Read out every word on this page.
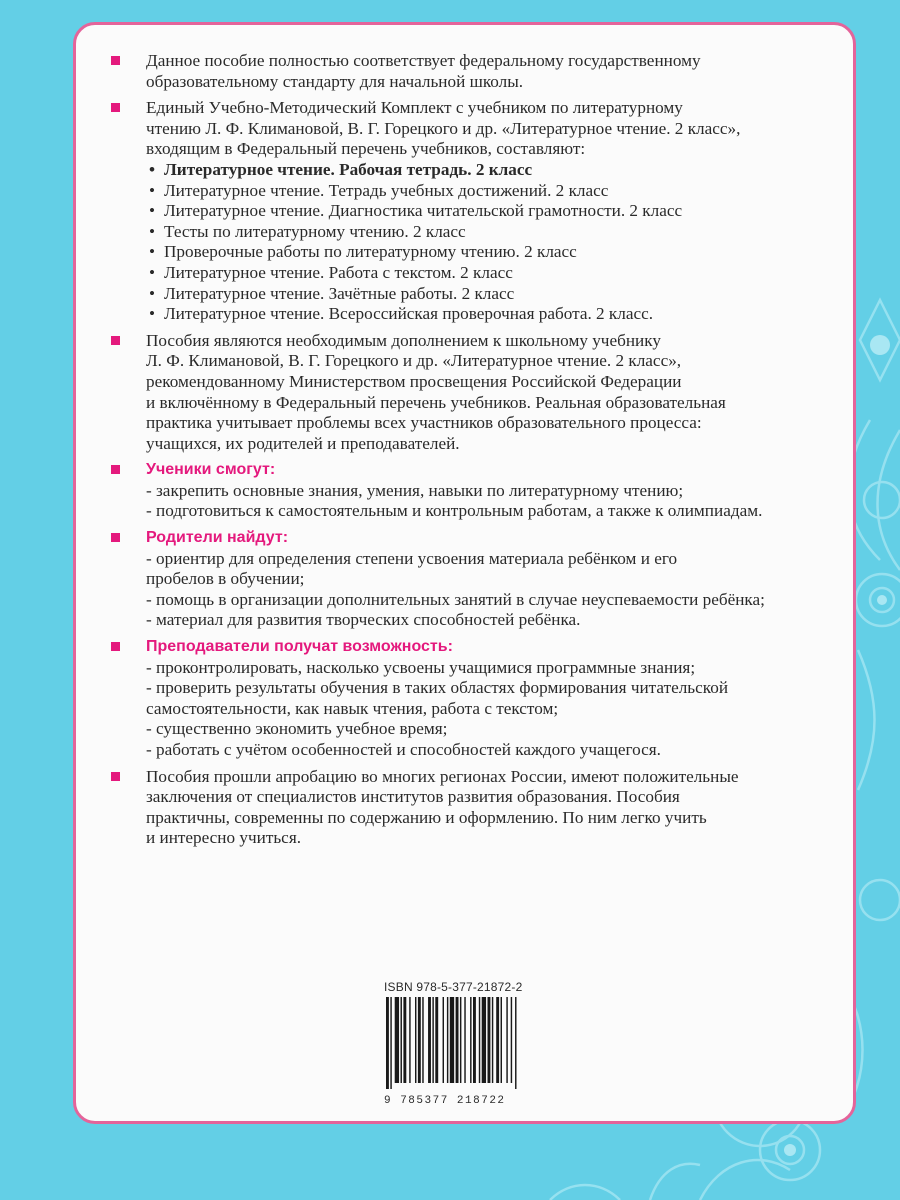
Данное пособие полностью соответствует федеральному государственному
образовательному стандарту для начальной школы.
Единый Учебно-Методический Комплект с учебником по литературному
чтению Л. Ф. Климановой, В. Г. Горецкого и др. «Литературное чтение. 2 класс»,
входящим в Федеральный перечень учебников, составляют:
• Литературное чтение. Рабочая тетрадь. 2 класс
• Литературное чтение. Тетрадь учебных достижений. 2 класс
• Литературное чтение. Диагностика читательской грамотности. 2 класс
• Тесты по литературному чтению. 2 класс
• Проверочные работы по литературному чтению. 2 класс
• Литературное чтение. Работа с текстом. 2 класс
• Литературное чтение. Зачётные работы. 2 класс
• Литературное чтение. Всероссийская проверочная работа. 2 класс.
Пособия являются необходимым дополнением к школьному учебнику
Л. Ф. Климановой, В. Г. Горецкого и др. «Литературное чтение. 2 класс»,
рекомендованному Министерством просвещения Российской Федерации
и включённому в Федеральный перечень учебников. Реальная образовательная
практика учитывает проблемы всех участников образовательного процесса:
учащихся, их родителей и преподавателей.
Ученики смогут:
- закрепить основные знания, умения, навыки по литературному чтению;
- подготовиться к самостоятельным и контрольным работам, а также к олимпиадам.
Родители найдут:
- ориентир для определения степени усвоения материала ребёнком и его
пробелов в обучении;
- помощь в организации дополнительных занятий в случае неуспеваемости ребёнка;
- материал для развития творческих способностей ребёнка.
Преподаватели получат возможность:
- проконтролировать, насколько усвоены учащимися программные знания;
- проверить результаты обучения в таких областях формирования читательской
самостоятельности, как навык чтения, работа с текстом;
- существенно экономить учебное время;
- работать с учётом особенностей и способностей каждого учащегося.
Пособия прошли апробацию во многих регионах России, имеют положительные
заключения от специалистов институтов развития образования. Пособия
практичны, современны по содержанию и оформлению. По ним легко учить
и интересно учиться.
ISBN 978-5-377-21872-2
9 785377 218722
